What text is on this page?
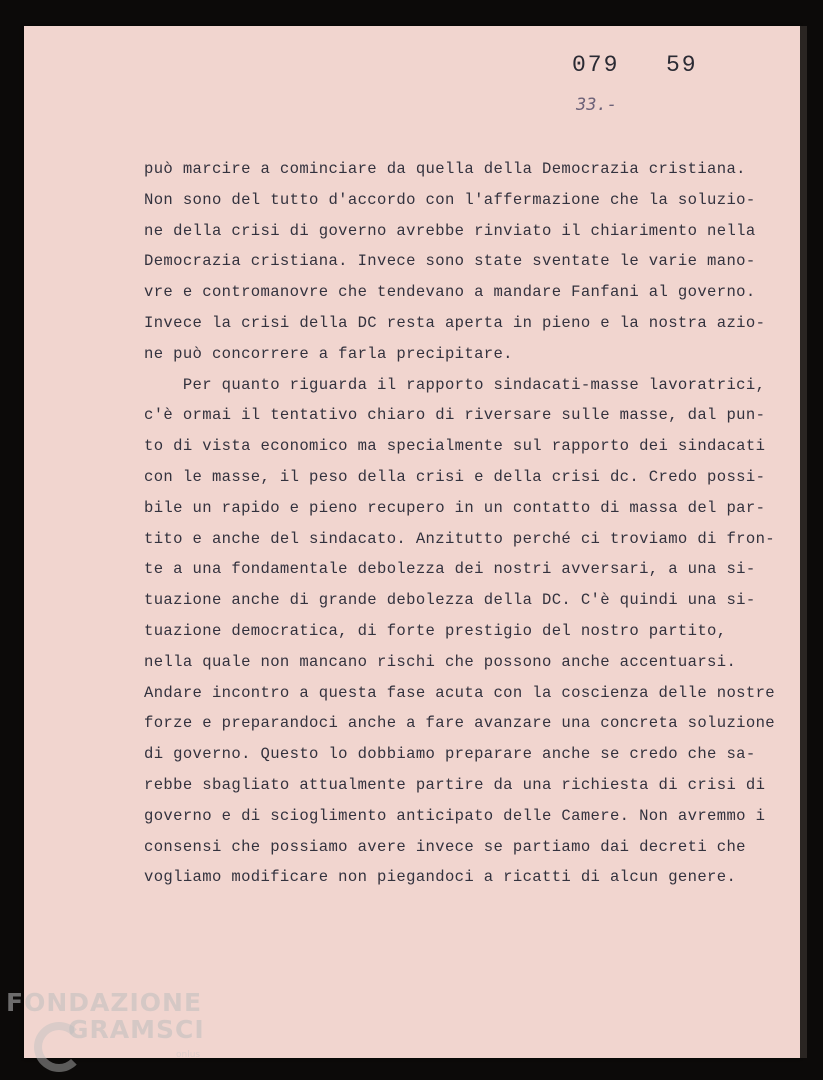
079 59
33.-
può marcire a cominciare da quella della Democrazia cristiana.
Non sono del tutto d'accordo con l'affermazione che la soluzio-
ne della crisi di governo avrebbe rinviato il chiarimento nella
Democrazia cristiana. Invece sono state sventate le varie mano-
vre e contromanovre che tendevano a mandare Fanfani al governo.
Invece la crisi della DC resta aperta in pieno e la nostra azio-
ne può concorrere a farla precipitare.
Per quanto riguarda il rapporto sindacati-masse lavoratrici,
c'è ormai il tentativo chiaro di riversare sulle masse, dal pun-
to di vista economico ma specialmente sul rapporto dei sindacati
con le masse, il peso della crisi e della crisi dc. Credo possi-
bile un rapido e pieno recupero in un contatto di massa del par-
tito e anche del sindacato. Anzitutto perché ci troviamo di fron-
te a una fondamentale debolezza dei nostri avversari, a una si-
tuazione anche di grande debolezza della DC. C'è quindi una si-
tuazione democratica, di forte prestigio del nostro partito,
nella quale non mancano rischi che possono anche accentuarsi.
Andare incontro a questa fase acuta con la coscienza delle nostre
forze e preparandoci anche a fare avanzare una concreta soluzione
di governo. Questo lo dobbiamo preparare anche se credo che sa-
rebbe sbagliato attualmente partire da una richiesta di crisi di
governo e di scioglimento anticipato delle Camere. Non avremmo i
consensi che possiamo avere invece se partiamo dai decreti che
vogliamo modificare non piegandoci a ricatti di alcun genere.
FONDAZIONE
GRAMSCI
onlus
